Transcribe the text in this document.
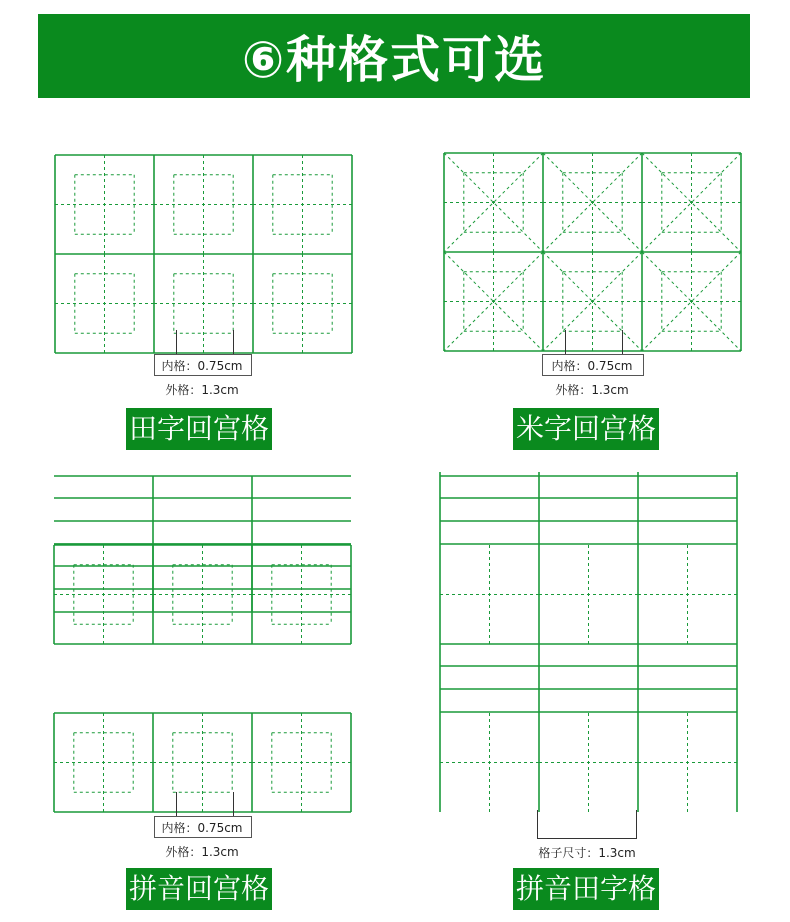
⑥种格式可选
内格：0.75cm
外格：1.3cm
田字回宫格
内格：0.75cm
外格：1.3cm
米字回宫格
内格：0.75cm
外格：1.3cm
拼音回宫格
格子尺寸：1.3cm
拼音田字格
